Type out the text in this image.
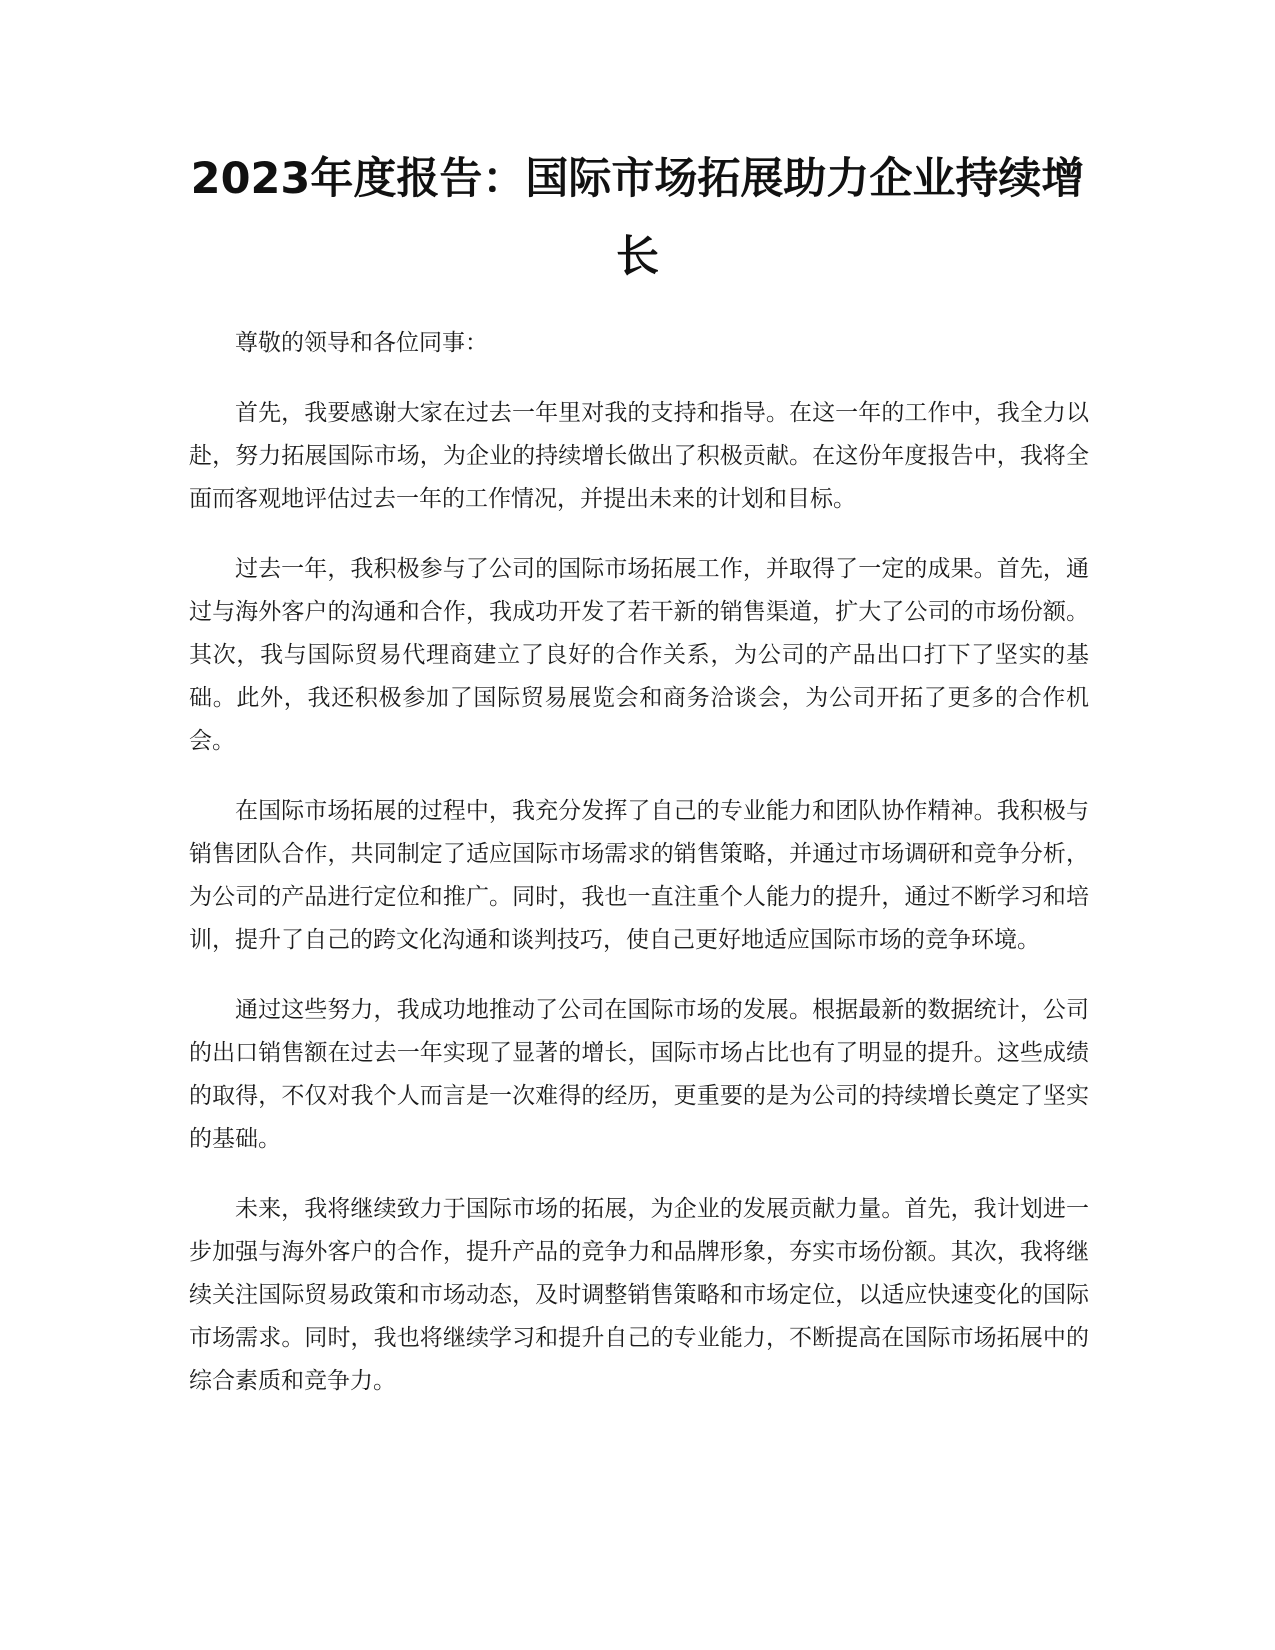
2023年度报告：国际市场拓展助力企业持续增长

尊敬的领导和各位同事：

首先，我要感谢大家在过去一年里对我的支持和指导。在这一年的工作中，我全力以赴，努力拓展国际市场，为企业的持续增长做出了积极贡献。在这份年度报告中，我将全面而客观地评估过去一年的工作情况，并提出未来的计划和目标。

过去一年，我积极参与了公司的国际市场拓展工作，并取得了一定的成果。首先，通过与海外客户的沟通和合作，我成功开发了若干新的销售渠道，扩大了公司的市场份额。其次，我与国际贸易代理商建立了良好的合作关系，为公司的产品出口打下了坚实的基础。此外，我还积极参加了国际贸易展览会和商务洽谈会，为公司开拓了更多的合作机会。

在国际市场拓展的过程中，我充分发挥了自己的专业能力和团队协作精神。我积极与销售团队合作，共同制定了适应国际市场需求的销售策略，并通过市场调研和竞争分析，为公司的产品进行定位和推广。同时，我也一直注重个人能力的提升，通过不断学习和培训，提升了自己的跨文化沟通和谈判技巧，使自己更好地适应国际市场的竞争环境。

通过这些努力，我成功地推动了公司在国际市场的发展。根据最新的数据统计，公司的出口销售额在过去一年实现了显著的增长，国际市场占比也有了明显的提升。这些成绩的取得，不仅对我个人而言是一次难得的经历，更重要的是为公司的持续增长奠定了坚实的基础。

未来，我将继续致力于国际市场的拓展，为企业的发展贡献力量。首先，我计划进一步加强与海外客户的合作，提升产品的竞争力和品牌形象，夯实市场份额。其次，我将继续关注国际贸易政策和市场动态，及时调整销售策略和市场定位，以适应快速变化的国际市场需求。同时，我也将继续学习和提升自己的专业能力，不断提高在国际市场拓展中的综合素质和竞争力。
